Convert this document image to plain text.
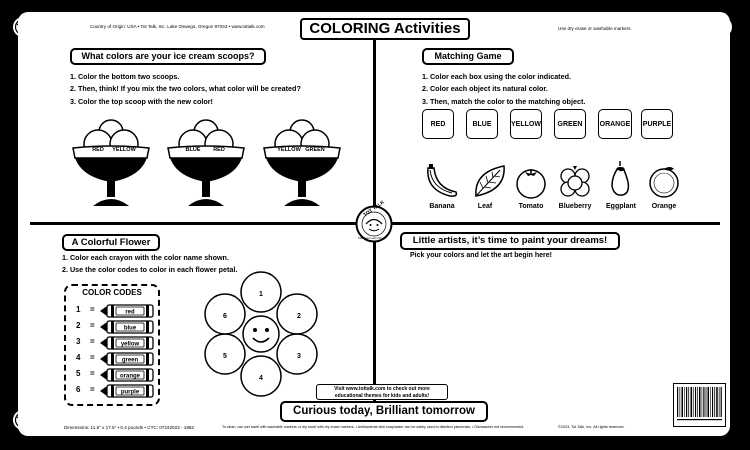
Country of Origin: USA • Tot Talk, Inc. Lake Oswego, Oregon 97034 • www.tottalk.com	COLORING Activities	Use dry erase or washable markers.
TOT TALK
Talk Less Learn More
What colors are your ice cream scoops?
1. Color the bottom two scoops.
2. Then, think! If you mix the two colors, what color will be created?
3. Color the top scoop with the new color!
RED YELLOW	BLUE RED	YELLOW GREEN
Matching Game
1. Color each box using the color indicated.
2. Color each object its natural color.
3. Then, match the color to the matching object.
RED	BLUE	YELLOW	GREEN	ORANGE PURPLE
Banana	Leaf	Tomato	Blueberry	Eggplant	Orange
A Colorful Flower
1. Color each crayon with the color name shown.
2. Use the color codes to color in each flower petal.
COLOR CODES
1 =	red
2 =	blue
3 =	yellow
4 =	green
5 =	orange
6 =	purple
1
2
3
4
5
6
Little artists, it’s time to paint your dreams!
Pick your colors and let the art begin here!
Visit www.tottalk.com to check out more
educational themes for kids and adults!
Curious today, Brilliant tomorrow
Dimensions: 11.5" x 17.5" • 0.4 pounds • CTC: 07242023 - 1982	To clean, use wet towel with washable markers or dry towel with dry erase markers. • Antibacterial dish soap/water can be safely used to disinfect placemats. • Dishwasher not recommended.	©2023, Tot Talk, Inc. All rights reserved.
